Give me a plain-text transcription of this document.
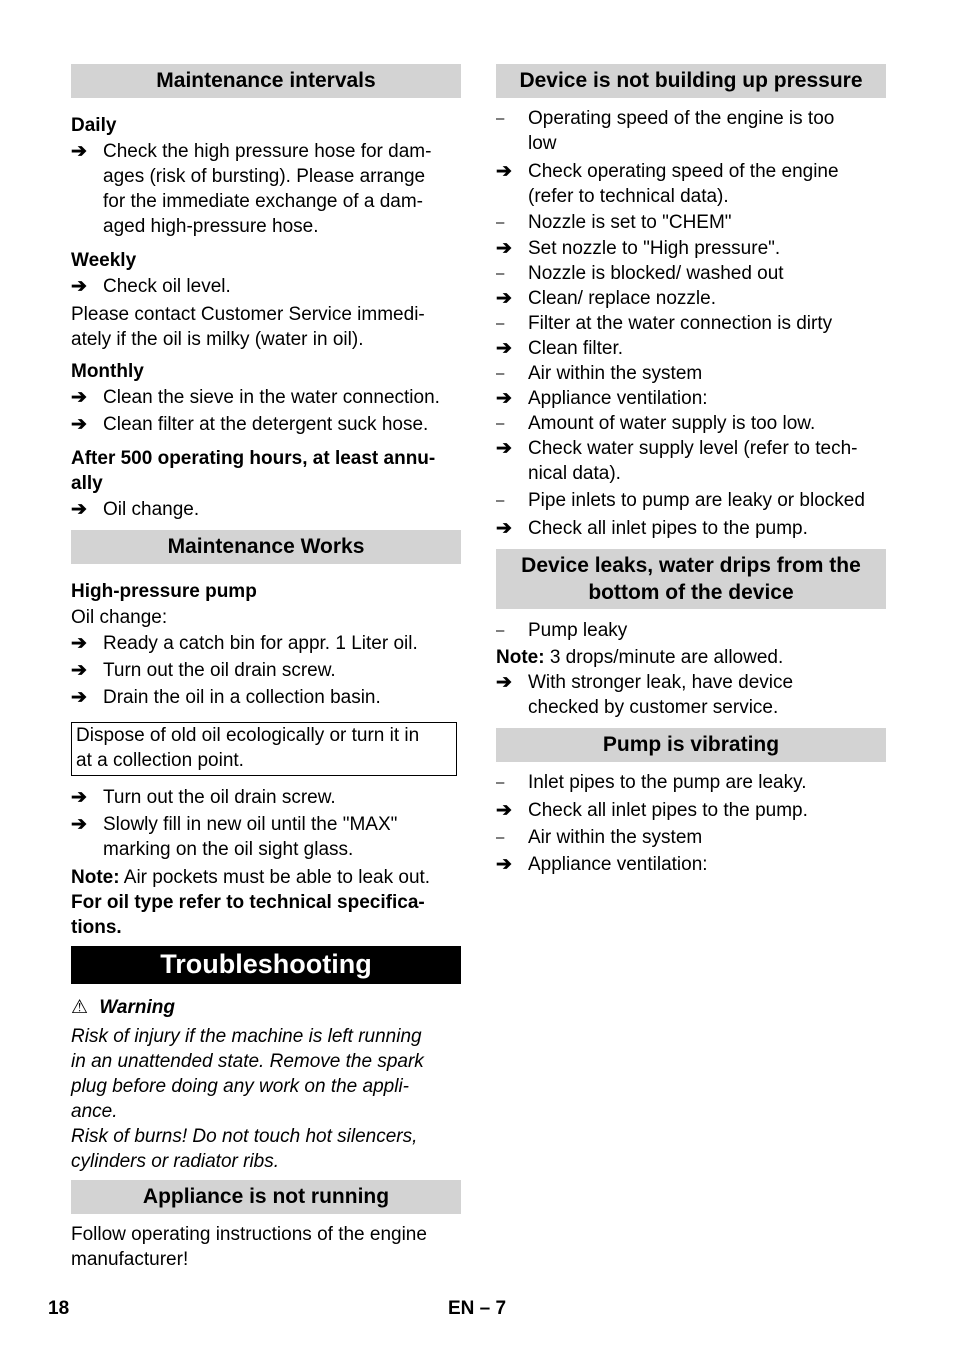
Maintenance intervals
Daily
➔ Check the high pressure hose for dam-
ages (risk of bursting). Please arrange
for the immediate exchange of a dam-
aged high-pressure hose.
Weekly
➔ Check oil level.
Please contact Customer Service immedi-
ately if the oil is milky (water in oil).
Monthly
➔ Clean the sieve in the water connection.
➔ Clean filter at the detergent suck hose.
After 500 operating hours, at least annu-
ally
➔ Oil change.
Maintenance Works
High-pressure pump
Oil change:
➔ Ready a catch bin for appr. 1 Liter oil.
➔ Turn out the oil drain screw.
➔ Drain the oil in a collection basin.
Dispose of old oil ecologically or turn it in
at a collection point.
➔ Turn out the oil drain screw.
➔ Slowly fill in new oil until the "MAX"
marking on the oil sight glass.
Note: Air pockets must be able to leak out.
For oil type refer to technical specifica-
tions.
Troubleshooting
⚠ Warning
Risk of injury if the machine is left running
in an unattended state. Remove the spark
plug before doing any work on the appli-
ance.
Risk of burns! Do not touch hot silencers,
cylinders or radiator ribs.
Appliance is not running
Follow operating instructions of the engine
manufacturer!
Device is not building up pressure
–	Operating speed of the engine is too
low
➔ Check operating speed of the engine
(refer to technical data).
–	Nozzle is set to "CHEM"
➔ Set nozzle to "High pressure".
–	Nozzle is blocked/ washed out
➔ Clean/ replace nozzle.
–	Filter at the water connection is dirty
➔ Clean filter.
–	Air within the system
➔ Appliance ventilation:
–	Amount of water supply is too low.
➔ Check water supply level (refer to tech-
nical data).
–	Pipe inlets to pump are leaky or blocked
➔ Check all inlet pipes to the pump.
Device leaks, water drips from the
bottom of the device
–	Pump leaky
Note: 3 drops/minute are allowed.
➔ With stronger leak, have device
checked by customer service.
Pump is vibrating
–	Inlet pipes to the pump are leaky.
➔ Check all inlet pipes to the pump.
–	Air within the system
➔ Appliance ventilation:
18	EN – 7
